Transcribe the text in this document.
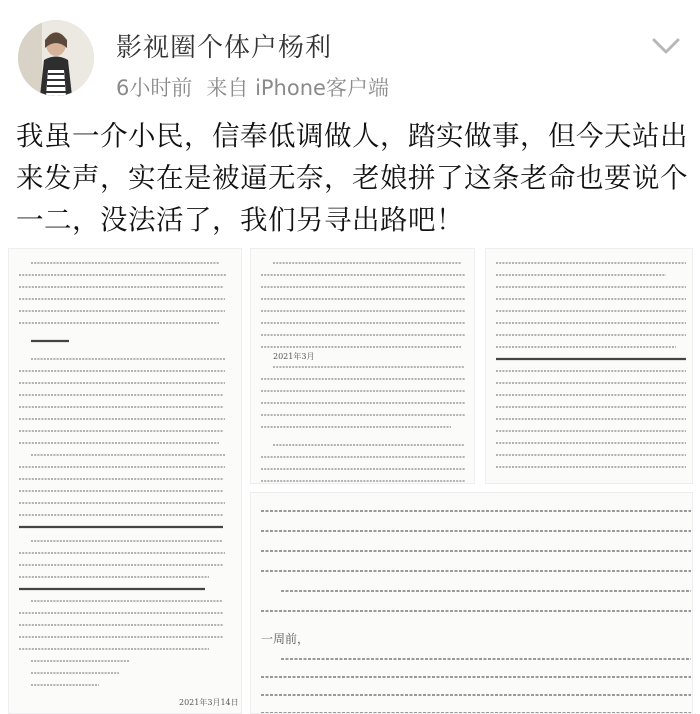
影视圈个体户杨利
6小时前 来自 iPhone客户端
我虽一介小民，信奉低调做人，踏实做事，但今天站出来发声，实在是被逼无奈，老娘拼了这条老命也要说个一二，没法活了，我们另寻出路吧！
2021年3月14日
2021年3月
一周前，
